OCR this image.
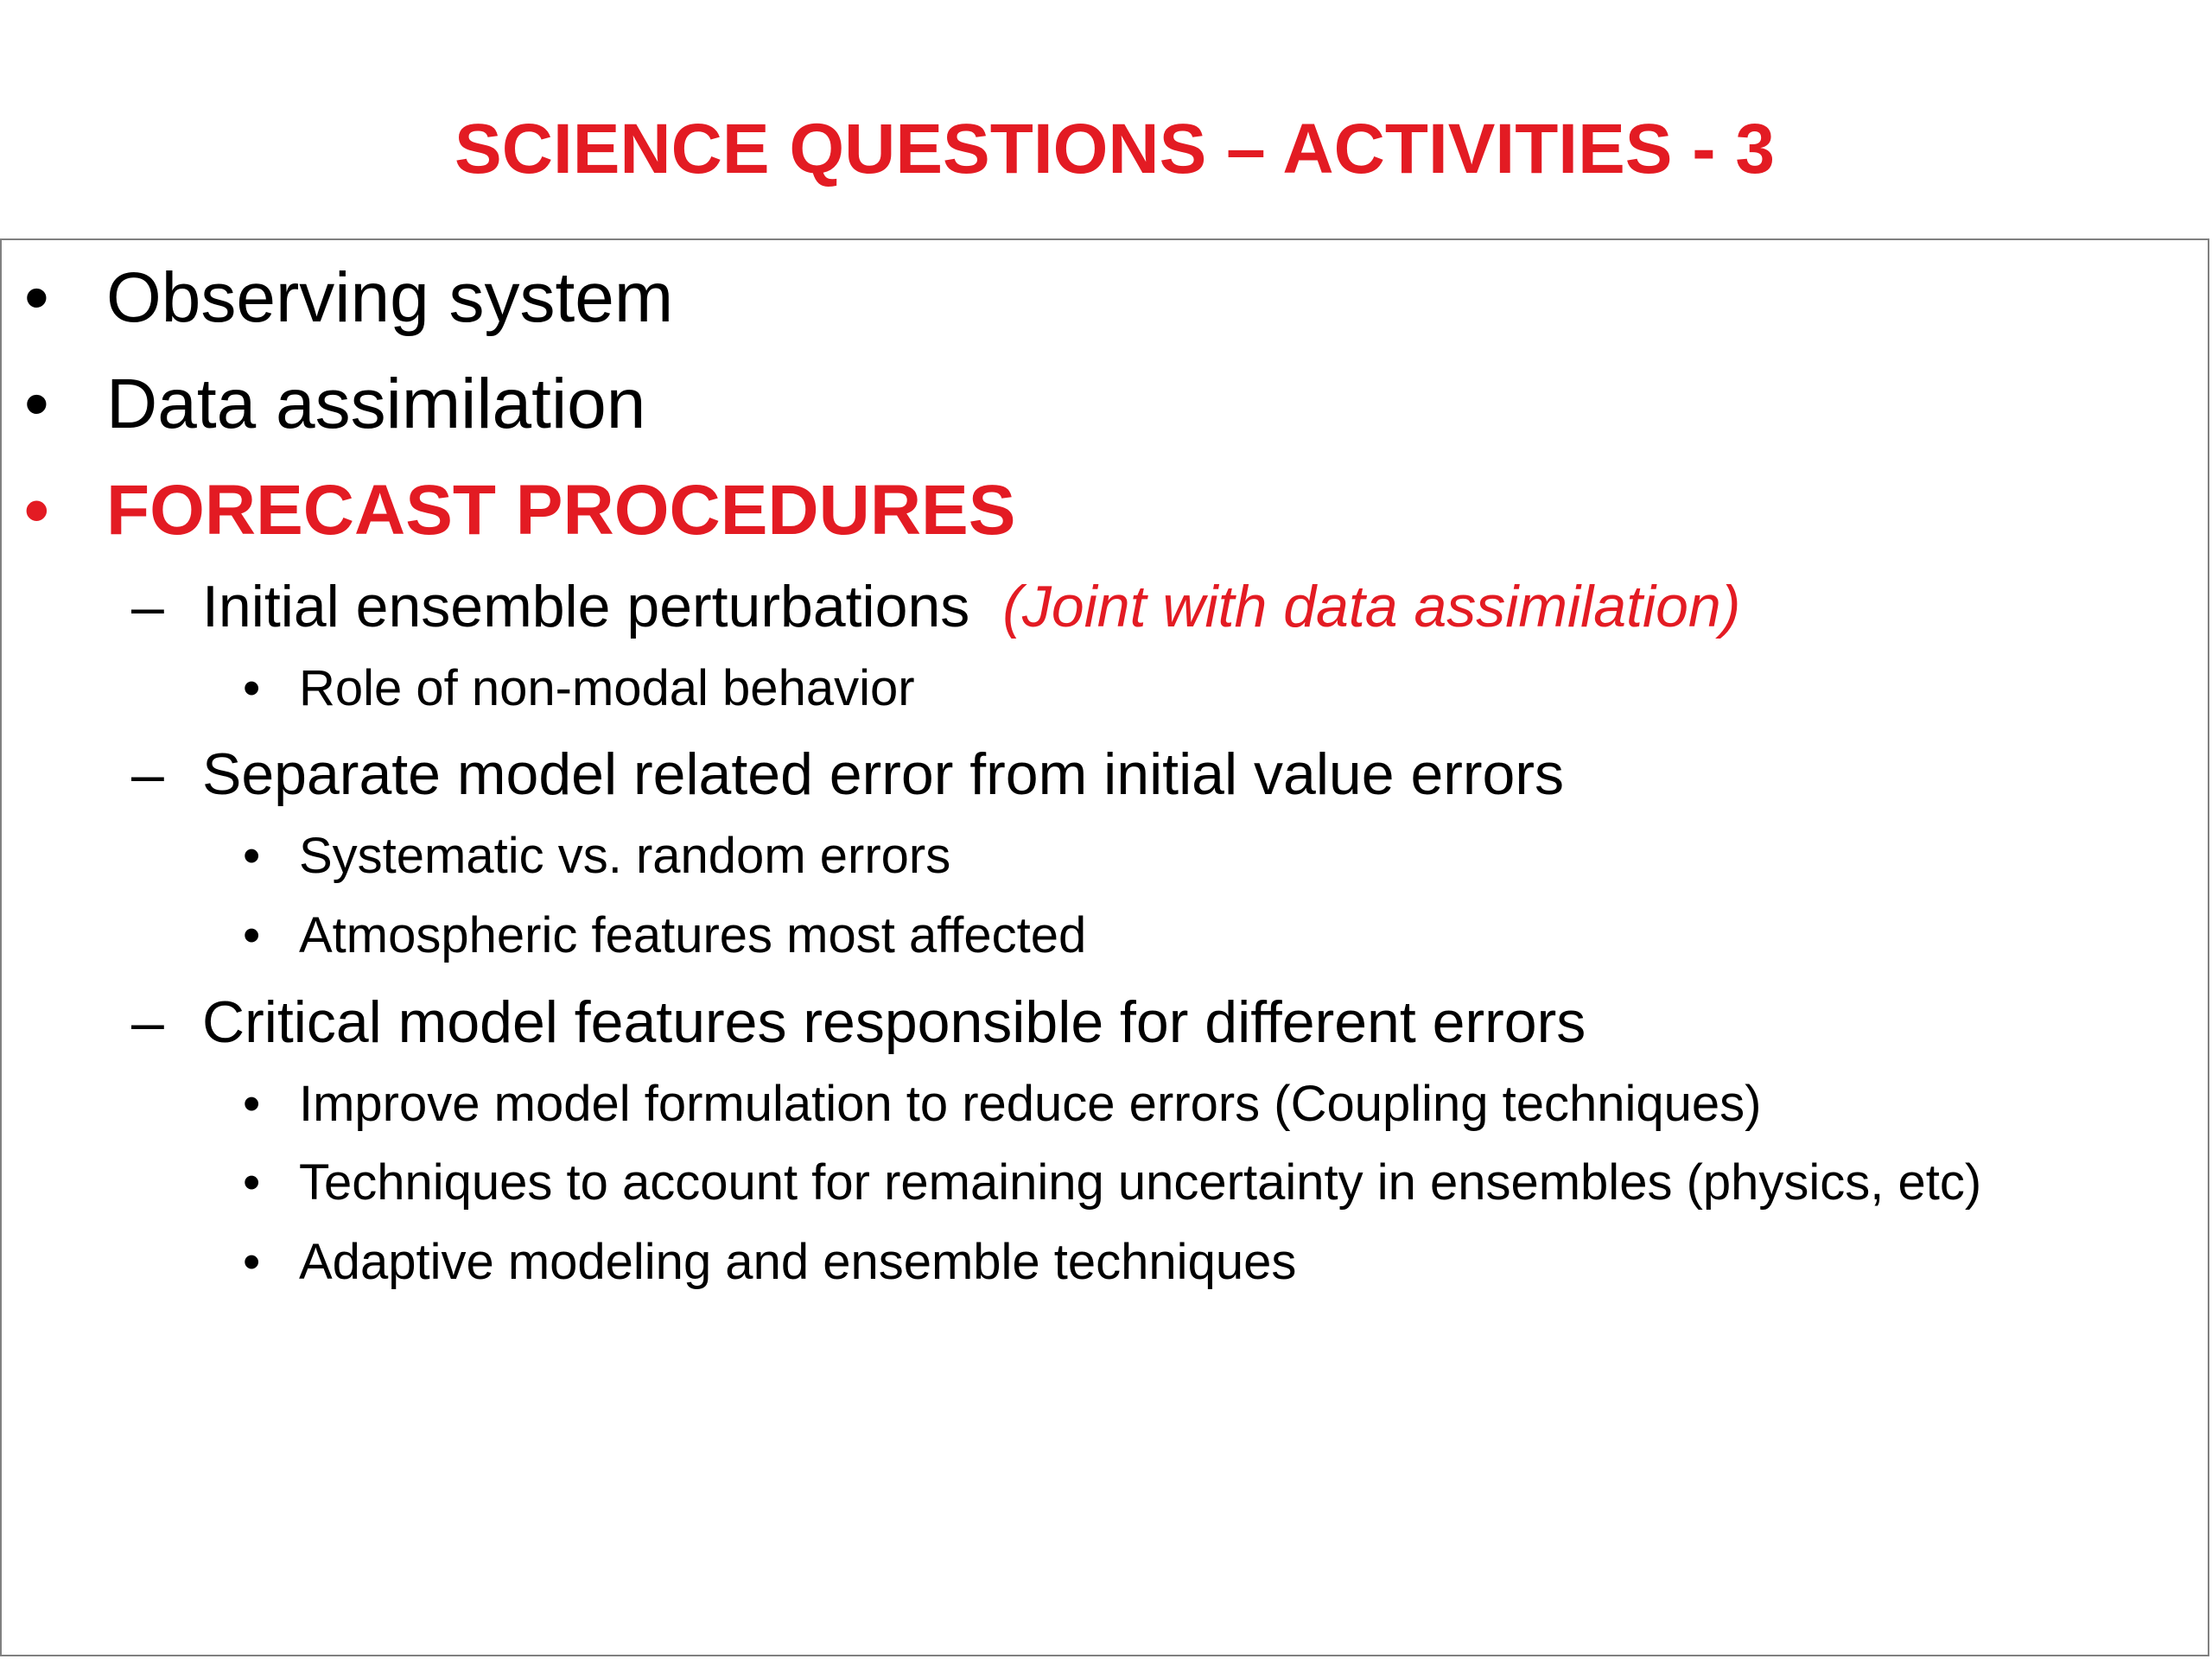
SCIENCE QUESTIONS – ACTIVITIES - 3
• Observing system
• Data assimilation
• FORECAST PROCEDURES
– Initial ensemble perturbations (Joint with data assimilation)
• Role of non-modal behavior
– Separate model related error from initial value errors
• Systematic vs. random errors
• Atmospheric features most affected
– Critical model features responsible for different errors
• Improve model formulation to reduce errors (Coupling techniques)
• Techniques to account for remaining uncertainty in ensembles (physics, etc)
• Adaptive modeling and ensemble techniques
